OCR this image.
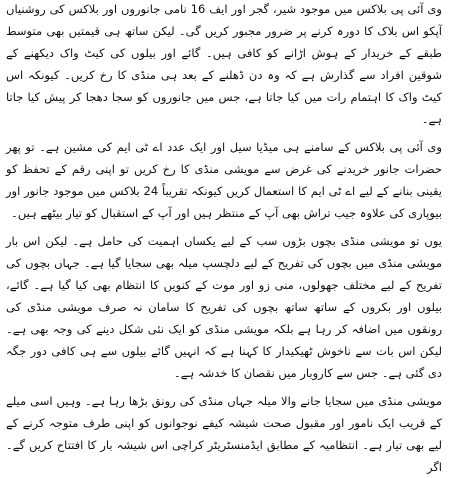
وی آئی پی بلاکس میں موجود شیر، گجر اور ایف 16 نامی جانوروں اور بلاکس کی روشنیاں آپکو اس بلاک کا دورہ کرنے پر ضرور مجبور کریں گی۔ لیکن ساتھ ہی قیمتیں بھی متوسط طبقے کے خریدار کے ہوش اڑانے کو کافی ہیں۔ گائے اور بیلوں کی کیٹ واک دیکھنے کے شوقین افراد سے گذارش ہے کہ وہ دن ڈھلنے کے بعد ہی منڈی کا رخ کریں۔ کیونکہ اس کیٹ واک کا اہتمام رات میں کیا جاتا ہے، جس میں جانوروں کو سجا دھجا کر پیش کیا جاتا ہے۔

وی آئی پی بلاکس کے سامنے ہی میڈیا سیل اور ایک عدد اے ٹی ایم کی مشین ہے۔ تو پھر حضرات جانور خریدنے کی غرض سے مویشی منڈی کا رخ کریں تو اپنی رقم کے تحفظ کو یقینی بنانے کے لیے اے ٹی ایم کا استعمال کریں کیونکہ تقریباً 24 بلاکس میں موجود جانور اور بیوپاری کی علاوہ جیب تراش بھی آپ کے منتظر ہیں اور آپ کے استقبال کو تیار بیٹھے ہیں۔

یوں تو مویشی منڈی بچوں بڑوں سب کے لیے یکساں اہمیت کی حامل ہے۔ لیکن اس بار مویشی منڈی میں بچوں کی تفریح کے لیے دلچسپ میلہ بھی سجایا گیا ہے۔ جہاں بچوں کی تفریح کے لیے مختلف جھولوں، منی زو اور موت کے کنویں کا انتظام بھی کیا گیا ہے۔ گائے، بیلوں اور بکروں کے ساتھ ساتھ بچوں کی تفریح کا سامان نہ صرف مویشی منڈی کی رونقوں میں اضافہ کر رہا ہے بلکہ مویشی منڈی کو ایک نئی شکل دینے کی وجہ بھی ہے۔ لیکن اس بات سے ناخوش ٹھیکیدار کا کہنا ہے کہ انہیں گائے بیلوں سے ہی کافی دور جگہ دی گئی ہے۔ جس سے کاروبار میں نقصان کا خدشہ ہے۔

مویشی منڈی میں سجایا جانے والا میلہ جہاں منڈی کی رونق بڑھا رہا ہے۔ وہیں اسی میلے کے قریب ایک نامور اور مقبول صحت شیشہ کیفے نوجوانوں کو اپنی طرف متوجہ کرنے کے لیے بھی تیار ہے۔ انتظامیہ کے مطابق ایڈمنسٹریٹر کراچی اس شیشہ بار کا افتتاح کریں گے۔ اگر
